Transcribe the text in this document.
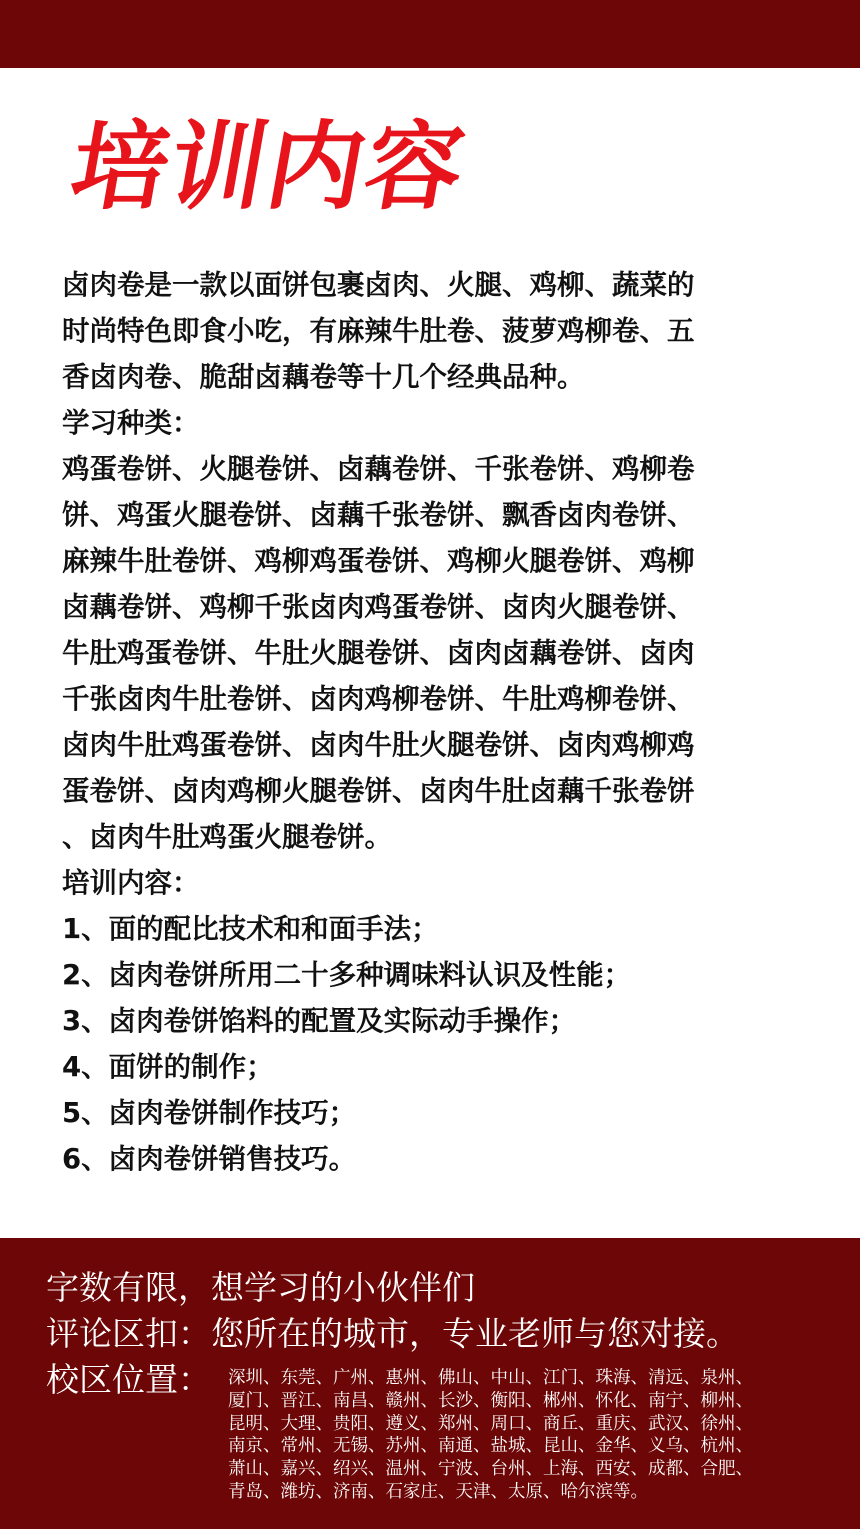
培训内容

卤肉卷是一款以面饼包裹卤肉、火腿、鸡柳、蔬菜的
时尚特色即食小吃，有麻辣牛肚卷、菠萝鸡柳卷、五
香卤肉卷、脆甜卤藕卷等十几个经典品种。

学习种类：

鸡蛋卷饼、火腿卷饼、卤藕卷饼、千张卷饼、鸡柳卷
饼、鸡蛋火腿卷饼、卤藕千张卷饼、飘香卤肉卷饼、
麻辣牛肚卷饼、鸡柳鸡蛋卷饼、鸡柳火腿卷饼、鸡柳
卤藕卷饼、鸡柳千张卤肉鸡蛋卷饼、卤肉火腿卷饼、
牛肚鸡蛋卷饼、牛肚火腿卷饼、卤肉卤藕卷饼、卤肉
千张卤肉牛肚卷饼、卤肉鸡柳卷饼、牛肚鸡柳卷饼、
卤肉牛肚鸡蛋卷饼、卤肉牛肚火腿卷饼、卤肉鸡柳鸡
蛋卷饼、卤肉鸡柳火腿卷饼、卤肉牛肚卤藕千张卷饼
、卤肉牛肚鸡蛋火腿卷饼。

培训内容：

1、面的配比技术和和面手法；

2、卤肉卷饼所用二十多种调味料认识及性能；

3、卤肉卷饼馅料的配置及实际动手操作；

4、面饼的制作；

5、卤肉卷饼制作技巧；

6、卤肉卷饼销售技巧。

字数有限，想学习的小伙伴们
评论区扣：您所在的城市，专业老师与您对接。
校区位置： 深圳、东莞、广州、惠州、佛山、中山、江门、珠海、清远、泉州、
厦门、晋江、南昌、赣州、长沙、衡阳、郴州、怀化、南宁、柳州、
昆明、大理、贵阳、遵义、郑州、周口、商丘、重庆、武汉、徐州、
南京、常州、无锡、苏州、南通、盐城、昆山、金华、义乌、杭州、
萧山、嘉兴、绍兴、温州、宁波、台州、上海、西安、成都、合肥、
青岛、潍坊、济南、石家庄、天津、太原、哈尔滨等。
